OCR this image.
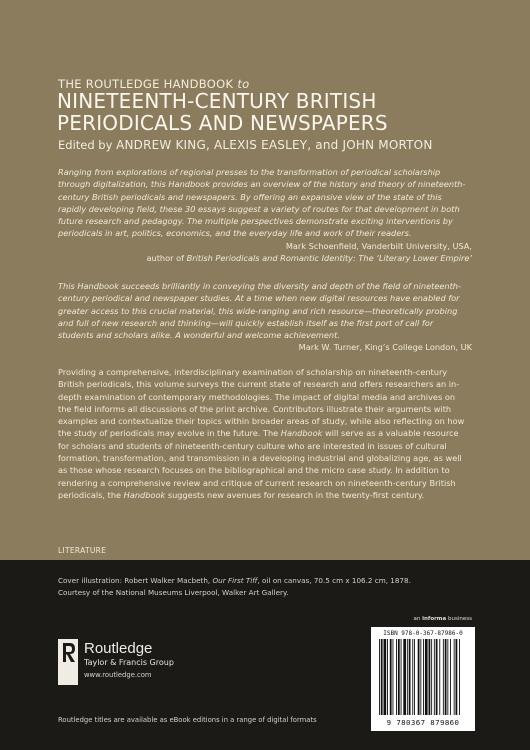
THE ROUTLEDGE HANDBOOK to
NINETEENTH-CENTURY BRITISH
PERIODICALS AND NEWSPAPERS
Edited by ANDREW KING, ALEXIS EASLEY, and JOHN MORTON
Ranging from explorations of regional presses to the transformation of periodical scholarship through digitalization, this Handbook provides an overview of the history and theory of nineteenth-century British periodicals and newspapers. By offering an expansive view of the state of this rapidly developing field, these 30 essays suggest a variety of routes for that development in both future research and pedagogy. The multiple perspectives demonstrate exciting interventions by periodicals in art, politics, economics, and the everyday life and work of their readers.
Mark Schoenfield, Vanderbilt University, USA,
author of British Periodicals and Romantic Identity: The ‘Literary Lower Empire’
This Handbook succeeds brilliantly in conveying the diversity and depth of the field of nineteenth-century periodical and newspaper studies. At a time when new digital resources have enabled for greater access to this crucial material, this wide-ranging and rich resource—theoretically probing and full of new research and thinking—will quickly establish itself as the first port of call for students and scholars alike. A wonderful and welcome achievement.
Mark W. Turner, King’s College London, UK
Providing a comprehensive, interdisciplinary examination of scholarship on nineteenth-century British periodicals, this volume surveys the current state of research and offers researchers an in-depth examination of contemporary methodologies. The impact of digital media and archives on the field informs all discussions of the print archive. Contributors illustrate their arguments with examples and contextualize their topics within broader areas of study, while also reflecting on how the study of periodicals may evolve in the future. The Handbook will serve as a valuable resource for scholars and students of nineteenth-century culture who are interested in issues of cultural formation, transformation, and transmission in a developing industrial and globalizing age, as well as those whose research focuses on the bibliographical and the micro case study. In addition to rendering a comprehensive review and critique of current research on nineteenth-century British periodicals, the Handbook suggests new avenues for research in the twenty-first century.
LITERATURE
Cover illustration: Robert Walker Macbeth, Our First Tiff, oil on canvas, 70.5 cm x 106.2 cm, 1878.
Courtesy of the National Museums Liverpool, Walker Art Gallery.
Routledge
Taylor & Francis Group
www.routledge.com
Routledge titles are available as eBook editions in a range of digital formats
an informa business
ISBN 978-0-367-87986-0
9 780367 879860
